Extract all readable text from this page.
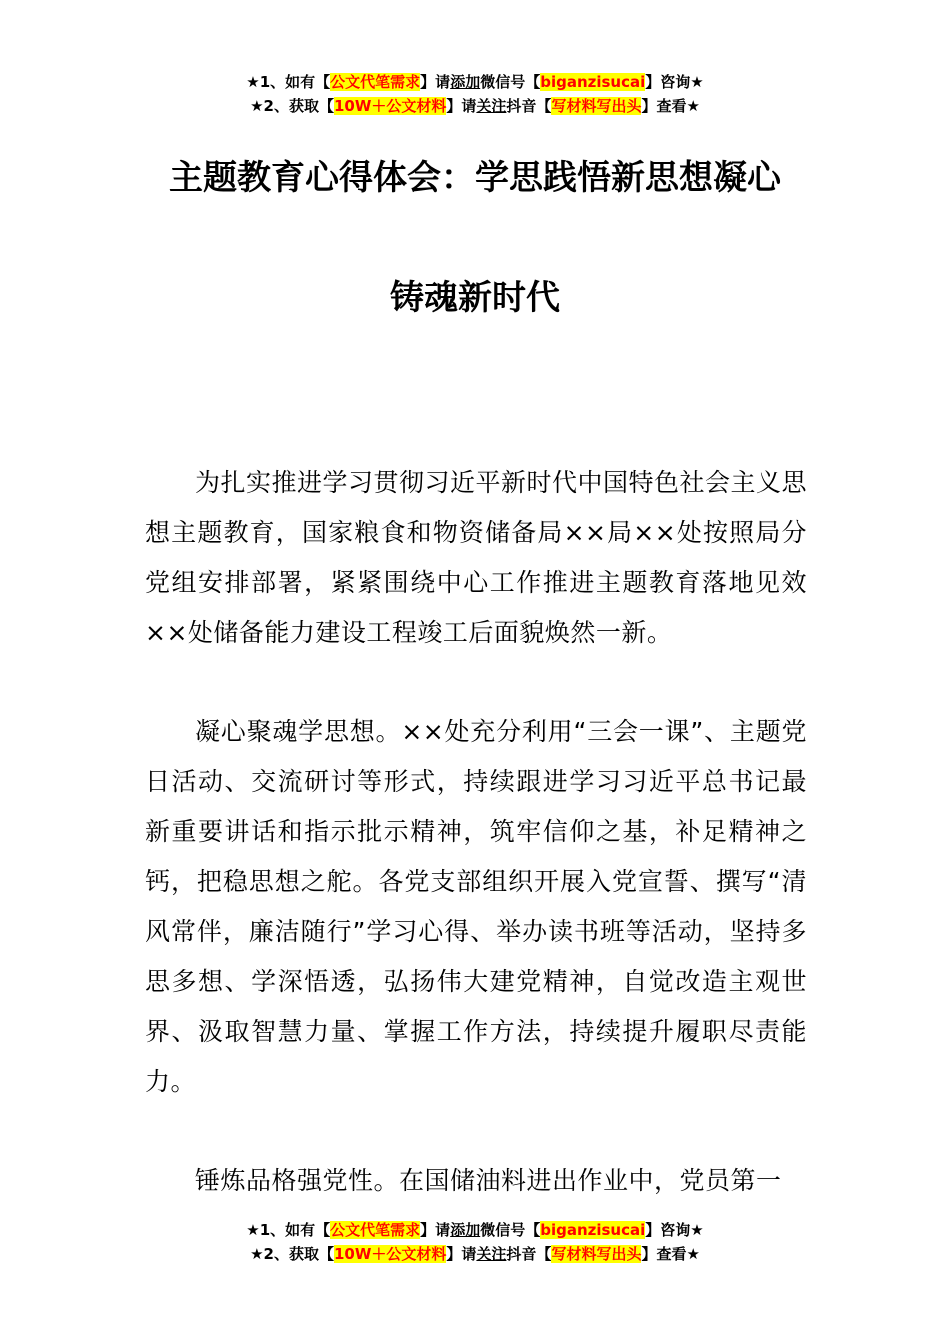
★1、如有【公文代笔需求】请添加微信号【biganzisucai】咨询★
★2、获取【10W＋公文材料】请关注抖音【写材料写出头】查看★
主题教育心得体会：学思践悟新思想凝心
铸魂新时代

为扎实推进学习贯彻习近平新时代中国特色社会主义思想主题教育，国家粮食和物资储备局××局××处按照局分党组安排部署，紧紧围绕中心工作推进主题教育落地见效××处储备能力建设工程竣工后面貌焕然一新。

凝心聚魂学思想。××处充分利用“三会一课”、主题党日活动、交流研讨等形式，持续跟进学习习近平总书记最新重要讲话和指示批示精神，筑牢信仰之基，补足精神之钙，把稳思想之舵。各党支部组织开展入党宣誓、撰写“清风常伴，廉洁随行”学习心得、举办读书班等活动，坚持多思多想、学深悟透，弘扬伟大建党精神，自觉改造主观世界、汲取智慧力量、掌握工作方法，持续提升履职尽责能力。

锤炼品格强党性。在国储油料进出作业中，党员第一

★1、如有【公文代笔需求】请添加微信号【biganzisucai】咨询★
★2、获取【10W＋公文材料】请关注抖音【写材料写出头】查看★
